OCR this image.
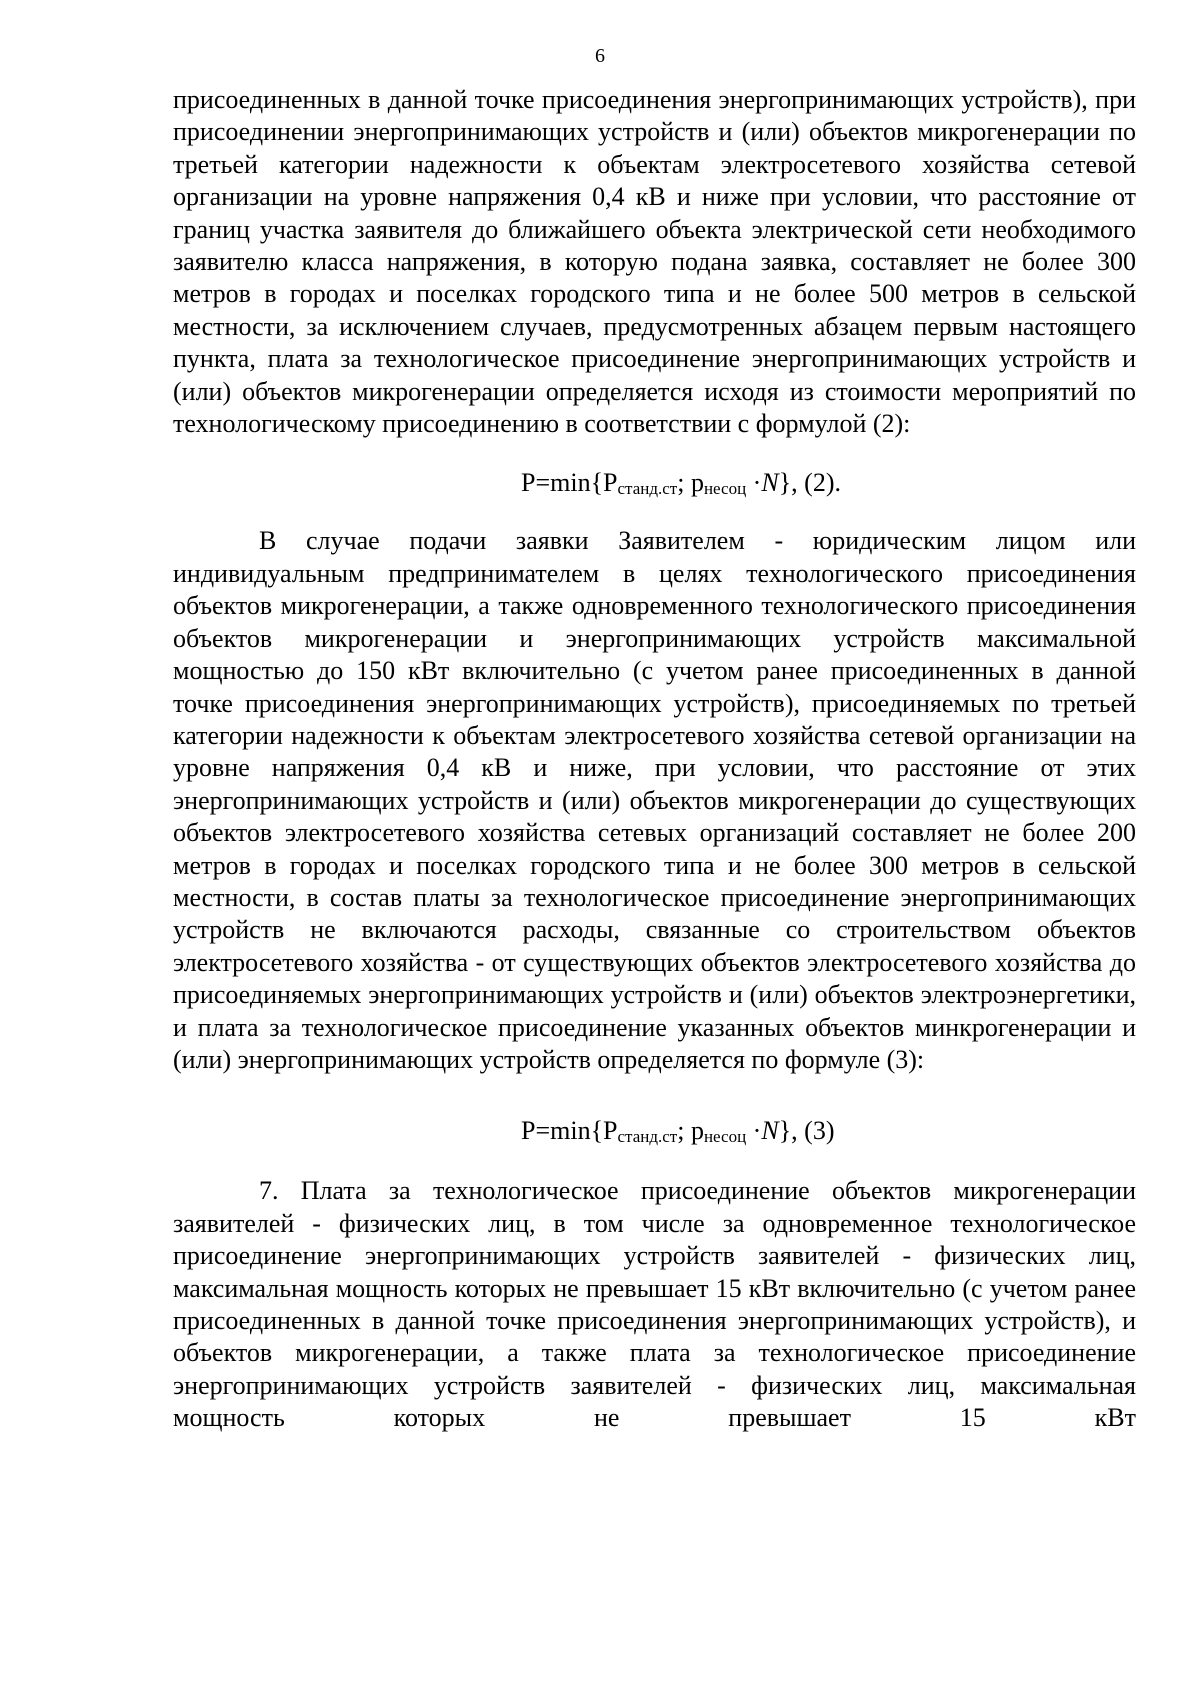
6

присоединенных в данной точке присоединения энергопринимающих устройств), при присоединении энергопринимающих устройств и (или) объектов микрогенерации по третьей категории надежности к объектам электросетевого хозяйства сетевой организации на уровне напряжения 0,4 кВ и ниже при условии, что расстояние от границ участка заявителя до ближайшего объекта электрической сети необходимого заявителю класса напряжения, в которую подана заявка, составляет не более 300 метров в городах и поселках городского типа и не более 500 метров в сельской местности, за исключением случаев, предусмотренных абзацем первым настоящего пункта, плата за технологическое присоединение энергопринимающих устройств и (или) объектов микрогенерации определяется исходя из стоимости мероприятий по технологическому присоединению в соответствии с формулой (2):

P=min{Pстанд.ст; pнесоц ·N}, (2).

В случае подачи заявки Заявителем - юридическим лицом или индивидуальным предпринимателем в целях технологического присоединения объектов микрогенерации, а также одновременного технологического присоединения объектов микрогенерации и энергопринимающих устройств максимальной мощностью до 150 кВт включительно (с учетом ранее присоединенных в данной точке присоединения энергопринимающих устройств), присоединяемых по третьей категории надежности к объектам электросетевого хозяйства сетевой организации на уровне напряжения 0,4 кВ и ниже, при условии, что расстояние от этих энергопринимающих устройств и (или) объектов микрогенерации до существующих объектов электросетевого хозяйства сетевых организаций составляет не более 200 метров в городах и поселках городского типа и не более 300 метров в сельской местности, в состав платы за технологическое присоединение энергопринимающих устройств не включаются расходы, связанные со строительством объектов электросетевого хозяйства - от существующих объектов электросетевого хозяйства до присоединяемых энергопринимающих устройств и (или) объектов электроэнергетики, и плата за технологическое присоединение указанных объектов минкрогенерации и (или) энергопринимающих устройств определяется по формуле (3):

P=min{Pстанд.ст; pнесоц ·N}, (3)

7. Плата за технологическое присоединение объектов микрогенерации заявителей - физических лиц, в том числе за одновременное технологическое присоединение энергопринимающих устройств заявителей - физических лиц, максимальная мощность которых не превышает 15 кВт включительно (с учетом ранее присоединенных в данной точке присоединения энергопринимающих устройств), и объектов микрогенерации, а также плата за технологическое присоединение энергопринимающих устройств заявителей - физических лиц, максимальная мощность которых не превышает 15 кВт
